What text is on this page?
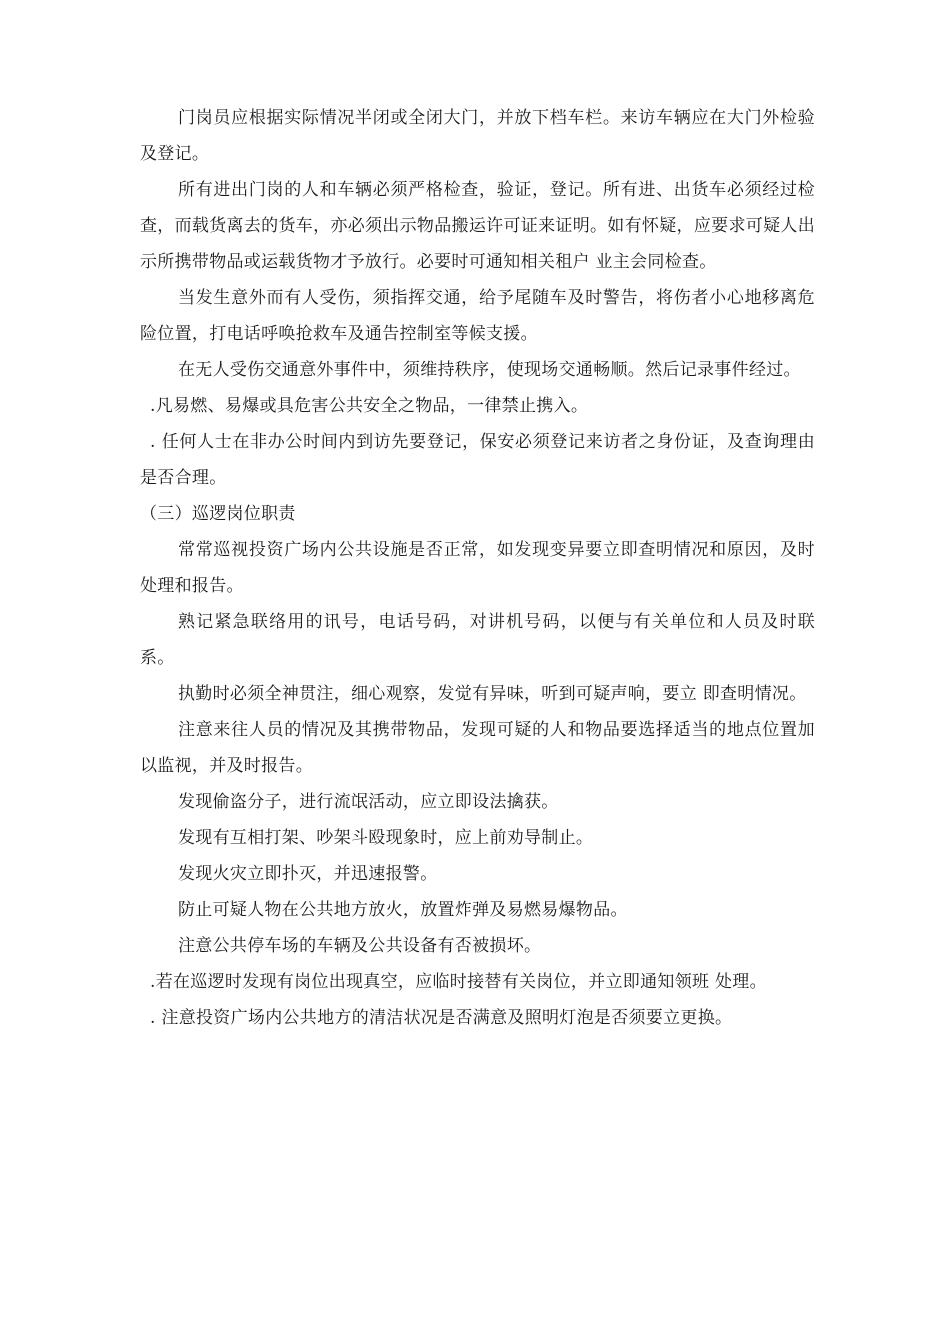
门岗员应根据实际情况半闭或全闭大门，并放下档车栏。来访车辆应在大门外检验及登记。

所有进出门岗的人和车辆必须严格检查，验证，登记。所有进、出货车必须经过检查，而载货离去的货车，亦必须出示物品搬运许可证来证明。如有怀疑，应要求可疑人出示所携带物品或运载货物才予放行。必要时可通知相关租户 业主会同检查。

当发生意外而有人受伤，须指挥交通，给予尾随车及时警告，将伤者小心地移离危险位置，打电话呼唤抢救车及通告控制室等候支援。

在无人受伤交通意外事件中，须维持秩序，使现场交通畅顺。然后记录事件经过。

.凡易燃、易爆或具危害公共安全之物品，一律禁止携入。

. 任何人士在非办公时间内到访先要登记，保安必须登记来访者之身份证，及查询理由是否合理。

（三）巡逻岗位职责

常常巡视投资广场内公共设施是否正常，如发现变异要立即查明情况和原因，及时处理和报告。

熟记紧急联络用的讯号，电话号码，对讲机号码，以便与有关单位和人员及时联系。

执勤时必须全神贯注，细心观察，发觉有异味，听到可疑声响，要立 即查明情况。

注意来往人员的情况及其携带物品，发现可疑的人和物品要选择适当的地点位置加以监视，并及时报告。

发现偷盗分子，进行流氓活动，应立即设法擒获。

发现有互相打架、吵架斗殴现象时，应上前劝导制止。

发现火灾立即扑灭，并迅速报警。

防止可疑人物在公共地方放火，放置炸弹及易燃易爆物品。

注意公共停车场的车辆及公共设备有否被损坏。

.若在巡逻时发现有岗位出现真空，应临时接替有关岗位，并立即通知领班 处理。

. 注意投资广场内公共地方的清洁状况是否满意及照明灯泡是否须要立更换。
